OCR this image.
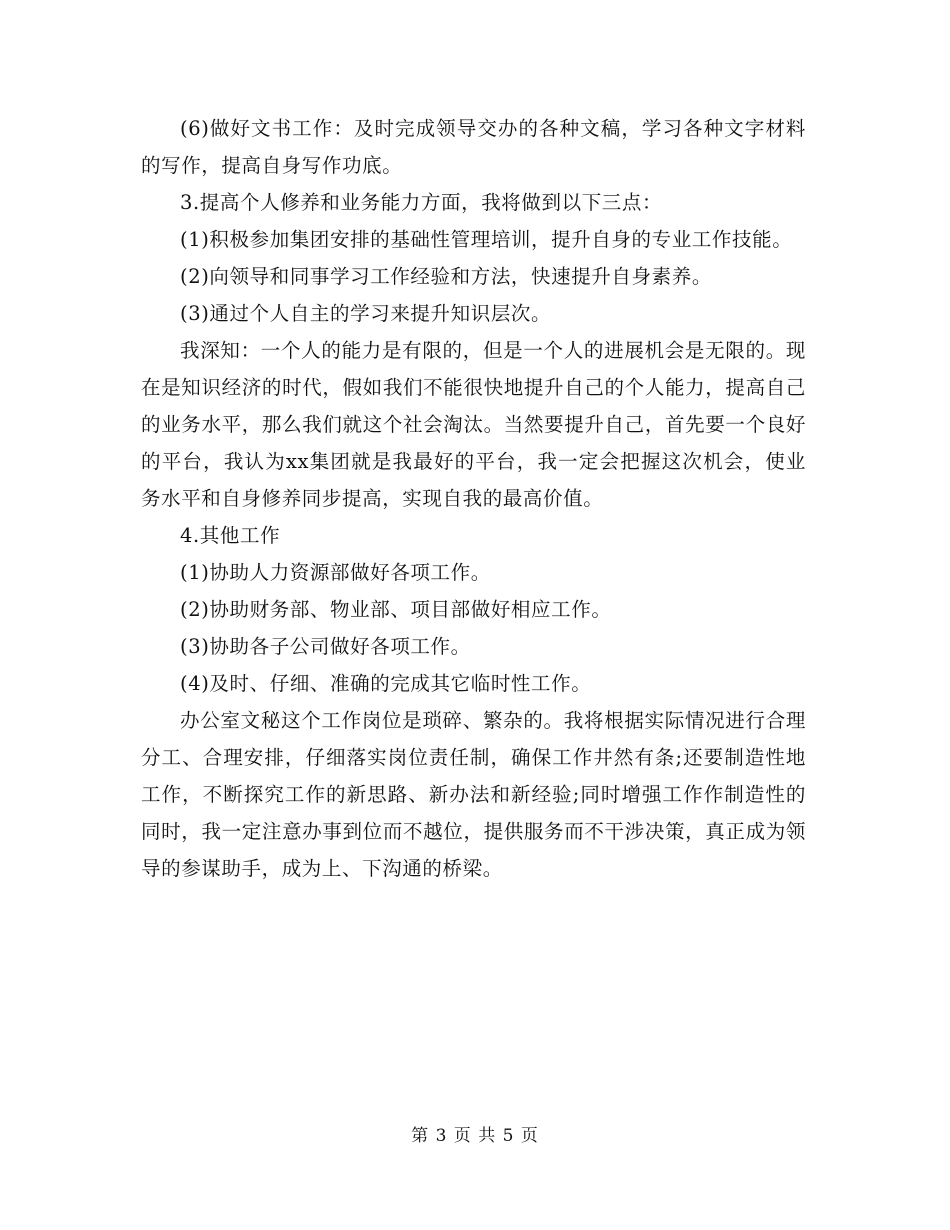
(6)做好文书工作：及时完成领导交办的各种文稿，学习各种文字材料的写作，提高自身写作功底。

3.提高个人修养和业务能力方面，我将做到以下三点：

(1)积极参加集团安排的基础性管理培训，提升自身的专业工作技能。

(2)向领导和同事学习工作经验和方法，快速提升自身素养。

(3)通过个人自主的学习来提升知识层次。

我深知：一个人的能力是有限的，但是一个人的进展机会是无限的。现在是知识经济的时代，假如我们不能很快地提升自己的个人能力，提高自己的业务水平，那么我们就这个社会淘汰。当然要提升自己，首先要一个良好的平台，我认为xx集团就是我最好的平台，我一定会把握这次机会，使业务水平和自身修养同步提高，实现自我的最高价值。

4.其他工作

(1)协助人力资源部做好各项工作。

(2)协助财务部、物业部、项目部做好相应工作。

(3)协助各子公司做好各项工作。

(4)及时、仔细、准确的完成其它临时性工作。

办公室文秘这个工作岗位是琐碎、繁杂的。我将根据实际情况进行合理分工、合理安排，仔细落实岗位责任制，确保工作井然有条;还要制造性地工作，不断探究工作的新思路、新办法和新经验;同时增强工作作制造性的同时，我一定注意办事到位而不越位，提供服务而不干涉决策，真正成为领导的参谋助手，成为上、下沟通的桥梁。

第 3 页 共 5 页
